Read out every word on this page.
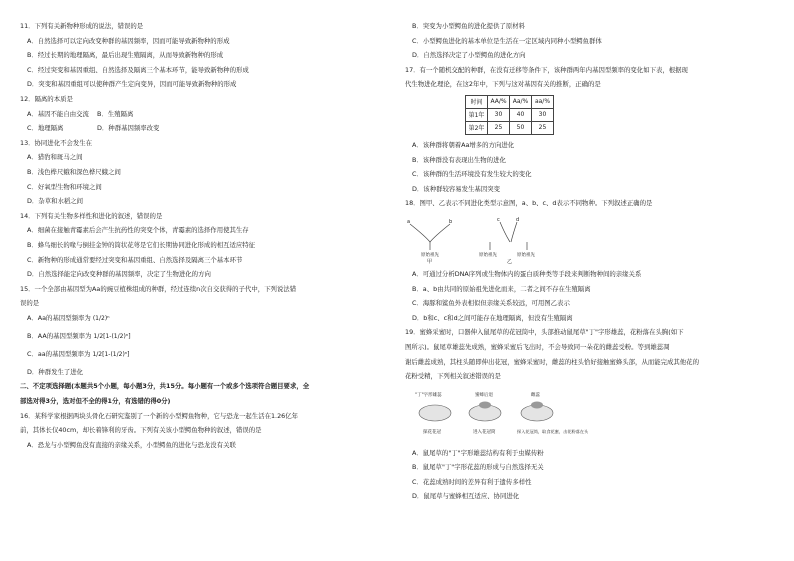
11．下列有关新物种形成的说法，错误的是
A．自然选择可以定向改变种群的基因频率，因而可能导致新物种的形成
B．经过长期的地理隔离，最后出现生殖隔离，从而导致新物种的形成
C．经过突变和基因重组、自然选择及隔离三个基本环节，能导致新物种的形成
D．突变和基因重组可以使种群产生定向变异，因而可能导致新物种的形成
12．隔离的本质是
A．基因不能自由交流	B．生殖隔离
C．地理隔离	D．种群基因频率改变
13．协同进化不会发生在
A．猎豹和斑马之间
B．浅色桦尺蛾和深色桦尺蛾之间
C．好氧型生物和环境之间
D．杂草和水稻之间
14．下列有关生物多样性和进化的叙述，错误的是
A．细菌在接触青霉素后会产生抗药性的突变个体，青霉素的选择作用使其生存
B．蜂鸟细长的喙与倒挂金钟的筒状花萼是它们长期协同进化形成的相互适应特征
C．新物种的形成通常要经过突变和基因重组、自然选择及隔离三个基本环节
D．自然选择能定向改变种群的基因频率，决定了生物进化的方向
15．一个全部由基因型为Aa的豌豆植株组成的种群，经过连续n次自交获得的子代中，下列说法错
误的是
A．Aa的基因型频率为 (1/2)ⁿ
B．AA的基因型频率为 1/2[1-(1/2)ⁿ]
C．aa的基因型频率为 1/2[1-(1/2)ⁿ]
D．种群发生了进化
二、不定项选择题(本题共5个小题，每小题3分，共15分。每小题有一个或多个选项符合题目要求，全
部选对得3分，选对但不全的得1分，有选错的得0分)
16．某科学家根据两块头骨化石研究鉴别了一个新的小型鳄鱼物种，它与恐龙一起生活在1.26亿年
前，其体长仅40cm，却长着锋利的牙齿。下列有关该小型鳄鱼物种的叙述，错误的是
A．恐龙与小型鳄鱼没有直接的亲缘关系，小型鳄鱼的进化与恐龙没有关联
B．突变为小型鳄鱼的进化提供了原材料
C．小型鳄鱼进化的基本单位是生活在一定区域内同种小型鳄鱼群体
D．自然选择决定了小型鳄鱼的进化方向
17．有一个随机交配的种群，在没有迁移等条件下，该种群两年内基因型频率的变化如下表，根据现
代生物进化理论，在这2年中，下列与这对基因有关的推断，正确的是
时间	AA/%	Aa/%	aa/%
第1年	30	40	30
第2年	25	50	25
A．该种群将朝着Aa增多的方向进化
B．该种群没有表现出生物的进化
C．该种群的生活环境没有发生较大的变化
D．该种群较容易发生基因突变
18．图甲、乙表示不同进化类型示意图，a、b、c、d表示不同物种。下列叙述正确的是
a	b	c	d
原始祖先	原始祖先	原始祖先
甲	乙
A．可通过分析DNA序列或生物体内的蛋白质种类等手段来判断物种间的亲缘关系
B．a、b由共同的原始祖先进化而来，二者之间不存在生殖隔离
C．海豚和鲨鱼外表相似但亲缘关系较远，可用图乙表示
D．b和c、c和d之间可能存在地理隔离，但没有生殖隔离
19．蜜蜂采蜜时，口器伸入鼠尾草的花冠筒中，头部推动鼠尾草"丁"字形雄蕊，花粉落在头胸(如下
图所示)。鼠尾草雄蕊先成熟，蜜蜂采蜜后飞出时，不会导致同一朵花的雌蕊受粉。等到雄蕊凋
谢后雌蕊成熟，其柱头随即伸出花冠，蜜蜂采蜜时，雌蕊的柱头恰好接触蜜蜂头部，从而能完成其他花的
花粉受精，下列相关叙述错误的是
"丁"字形雄蕊	蜜蜂后退	雌蕊
探花花冠	进入花冠筒	探入花冠筒，取食花蜜，击花粉落在头
A．鼠尾草的"丁"字形雄蕊结构有利于虫媒传粉
B．鼠尾草"丁"字形花蕊的形成与自然选择无关
C．花蕊成熟时间的差异有利于遗传多样性
D．鼠尾草与蜜蜂相互适应、协同进化
